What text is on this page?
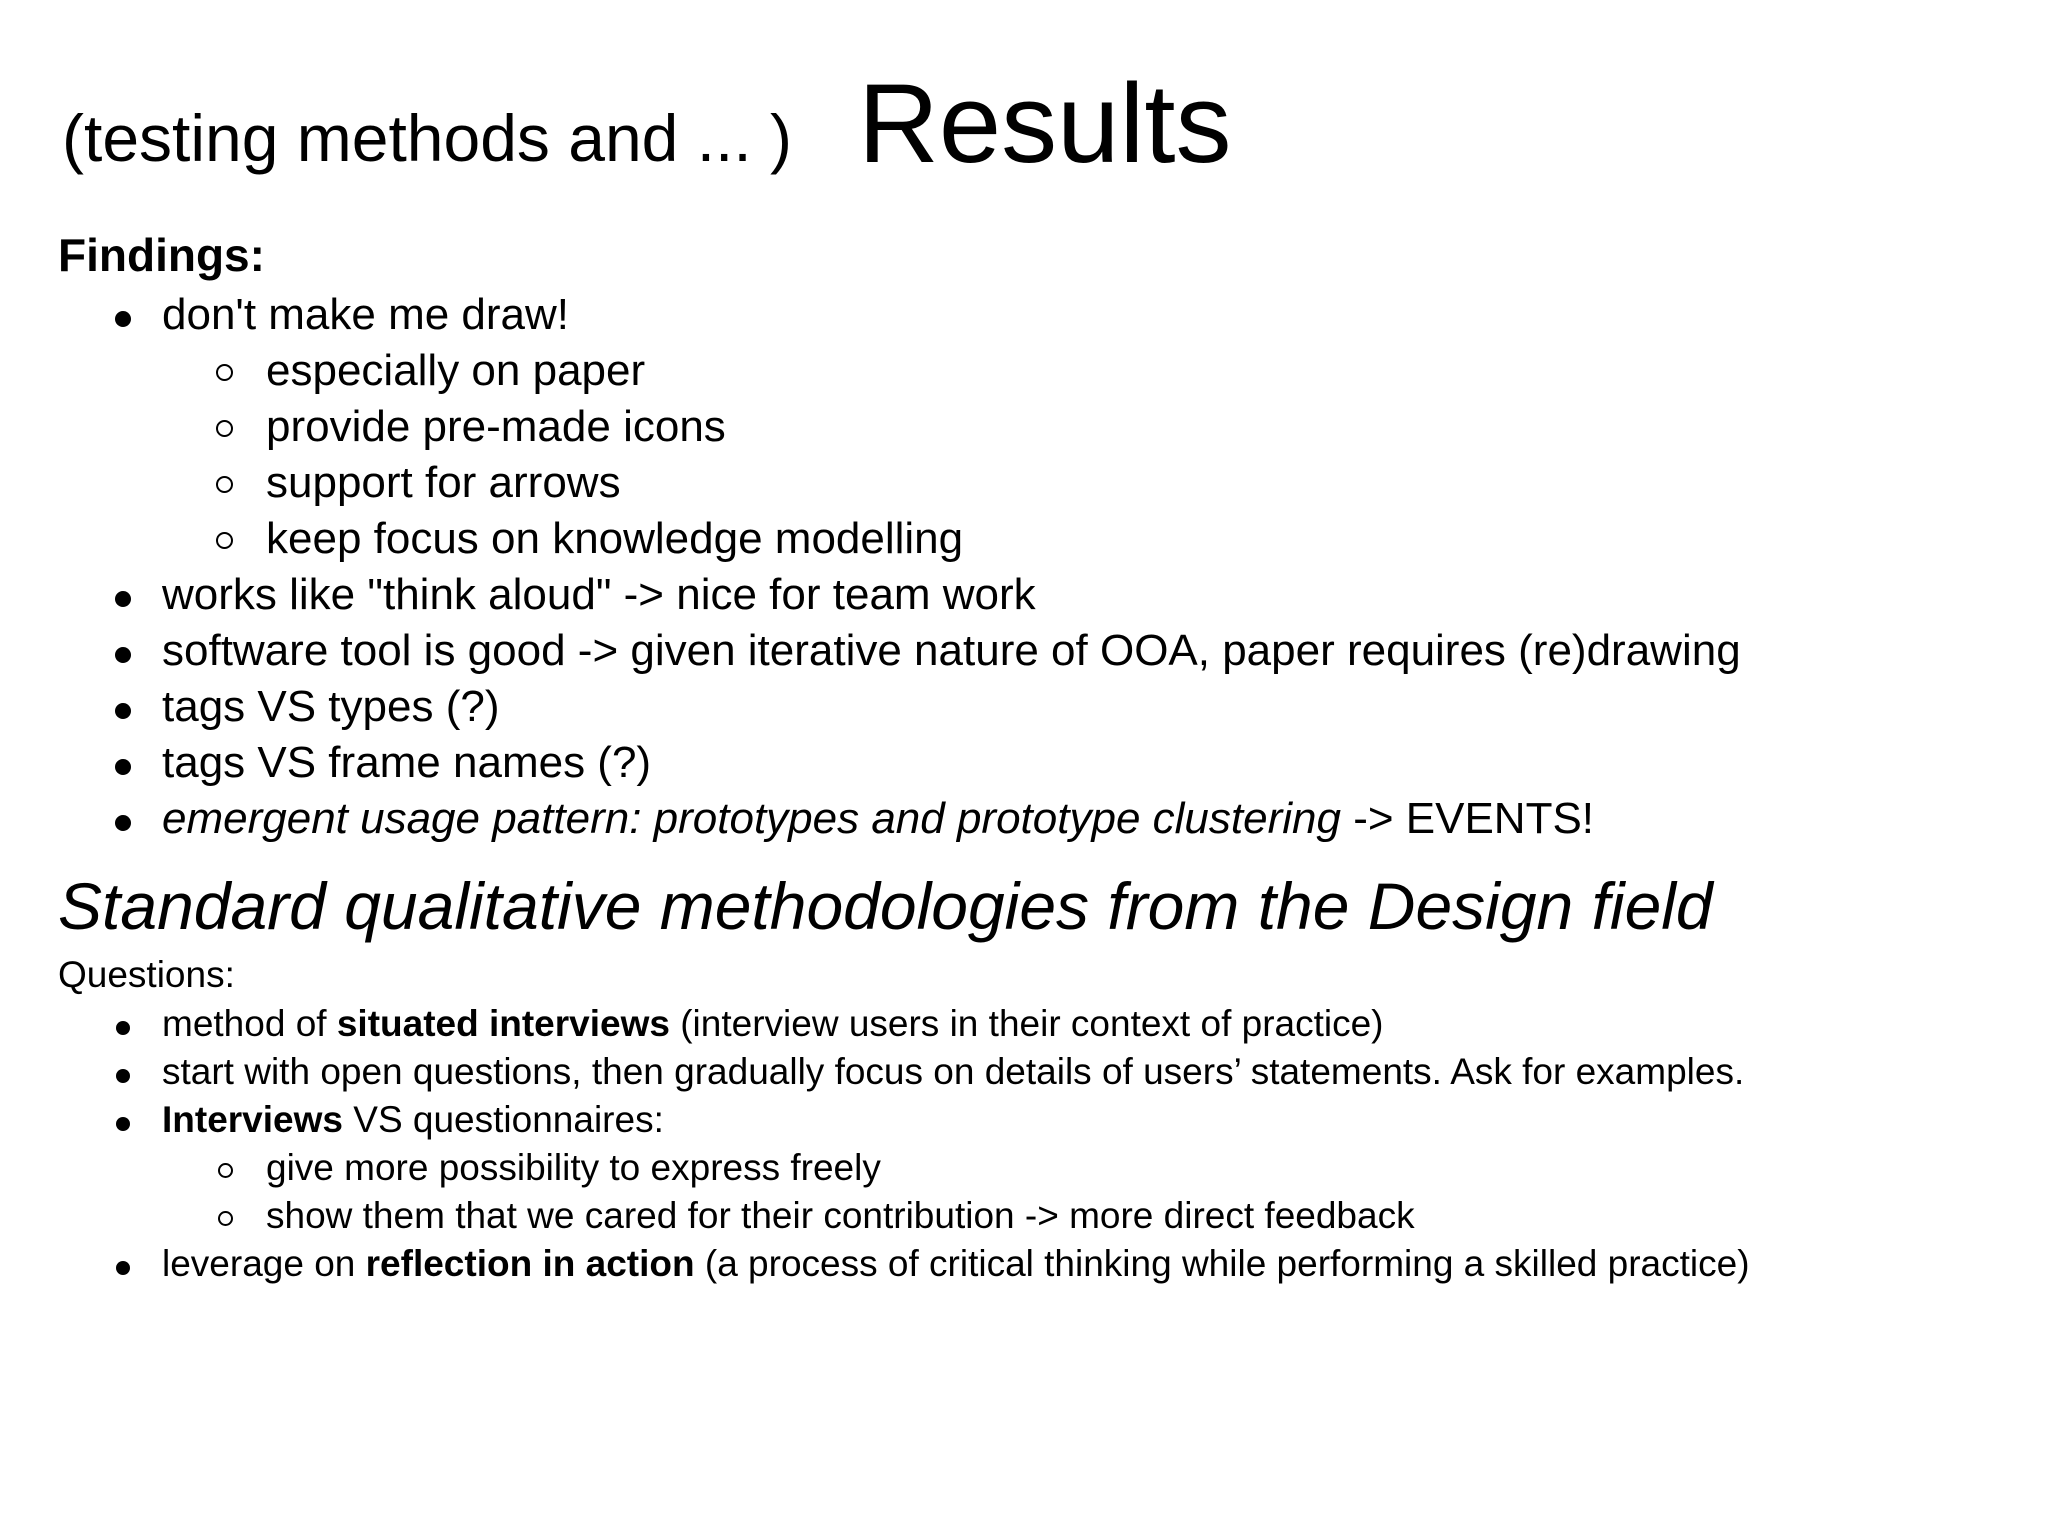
(testing methods and ... ) Results
Findings:
don't make me draw!
especially on paper
provide pre-made icons
support for arrows
keep focus on knowledge modelling
works like "think aloud" -> nice for team work
software tool is good -> given iterative nature of OOA, paper requires (re)drawing
tags VS types (?)
tags VS frame names (?)
emergent usage pattern: prototypes and prototype clustering -> EVENTS!
Standard qualitative methodologies from the Design field
Questions:
method of situated interviews (interview users in their context of practice)
start with open questions, then gradually focus on details of users’ statements. Ask for examples.
Interviews VS questionnaires:
give more possibility to express freely
show them that we cared for their contribution -> more direct feedback
leverage on reflection in action (a process of critical thinking while performing a skilled practice)
